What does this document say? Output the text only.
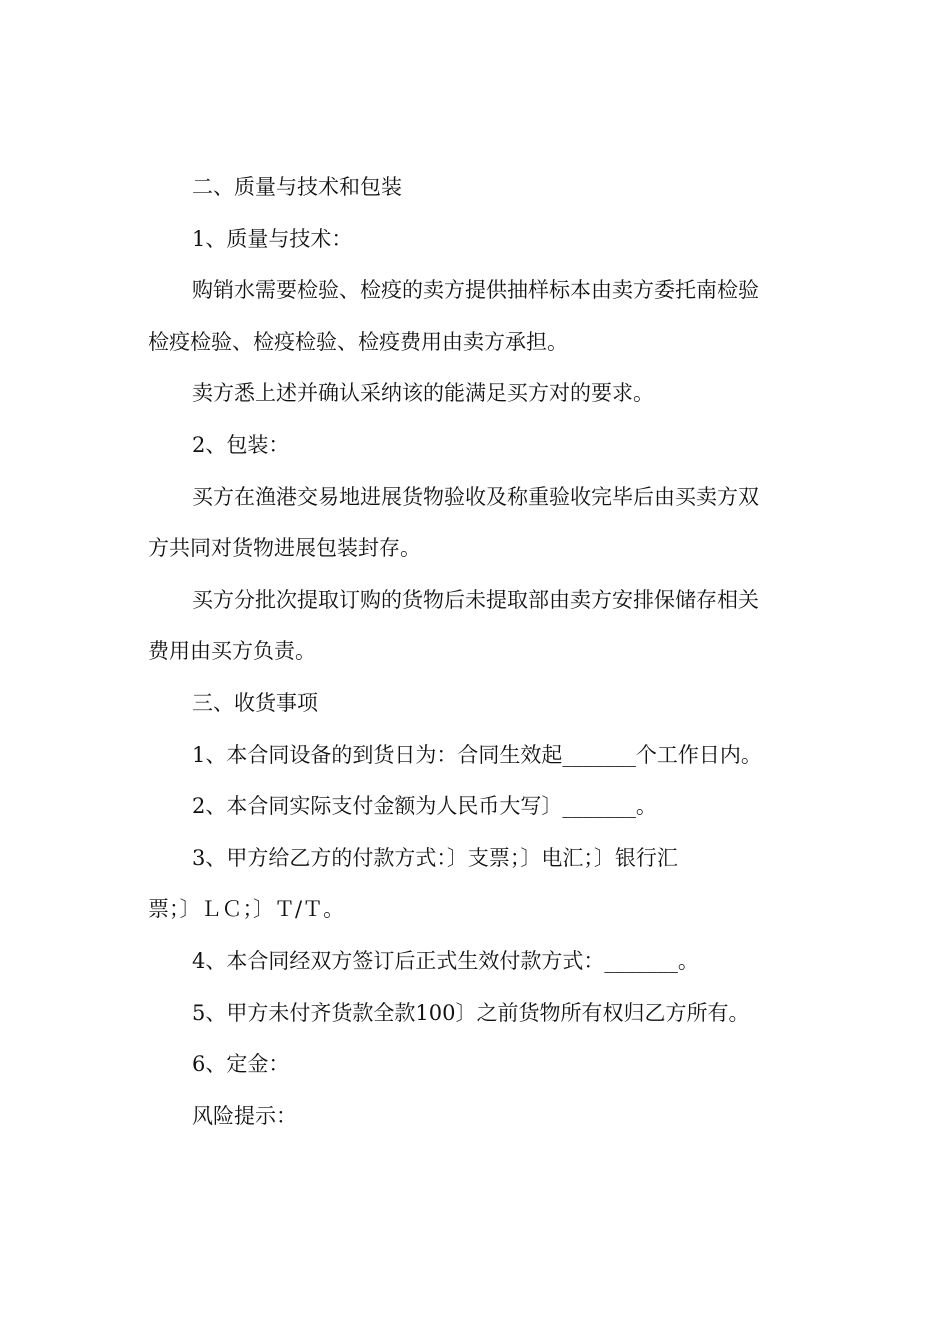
二、质量与技术和包装

1、质量与技术：

购销水需要检验、检疫的卖方提供抽样标本由卖方委托南检验

检疫检验、检疫检验、检疫费用由卖方承担。

卖方悉上述并确认采纳该的能满足买方对的要求。

2、包装：

买方在渔港交易地进展货物验收及称重验收完毕后由买卖方双

方共同对货物进展包装封存。

买方分批次提取订购的货物后未提取部由卖方安排保储存相关

费用由买方负责。

三、收货事项

1、本合同设备的到货日为：合同生效起_______个工作日内。

2、本合同实际支付金额为人民币大写〕_______。

3、甲方给乙方的付款方式：〕支票；〕电汇；〕银行汇

票；〕ＬＣ；〕Ｔ/Ｔ。

4、本合同经双方签订后正式生效付款方式：_______。

5、甲方未付齐货款全款100〕之前货物所有权归乙方所有。

6、定金：

风险提示：
